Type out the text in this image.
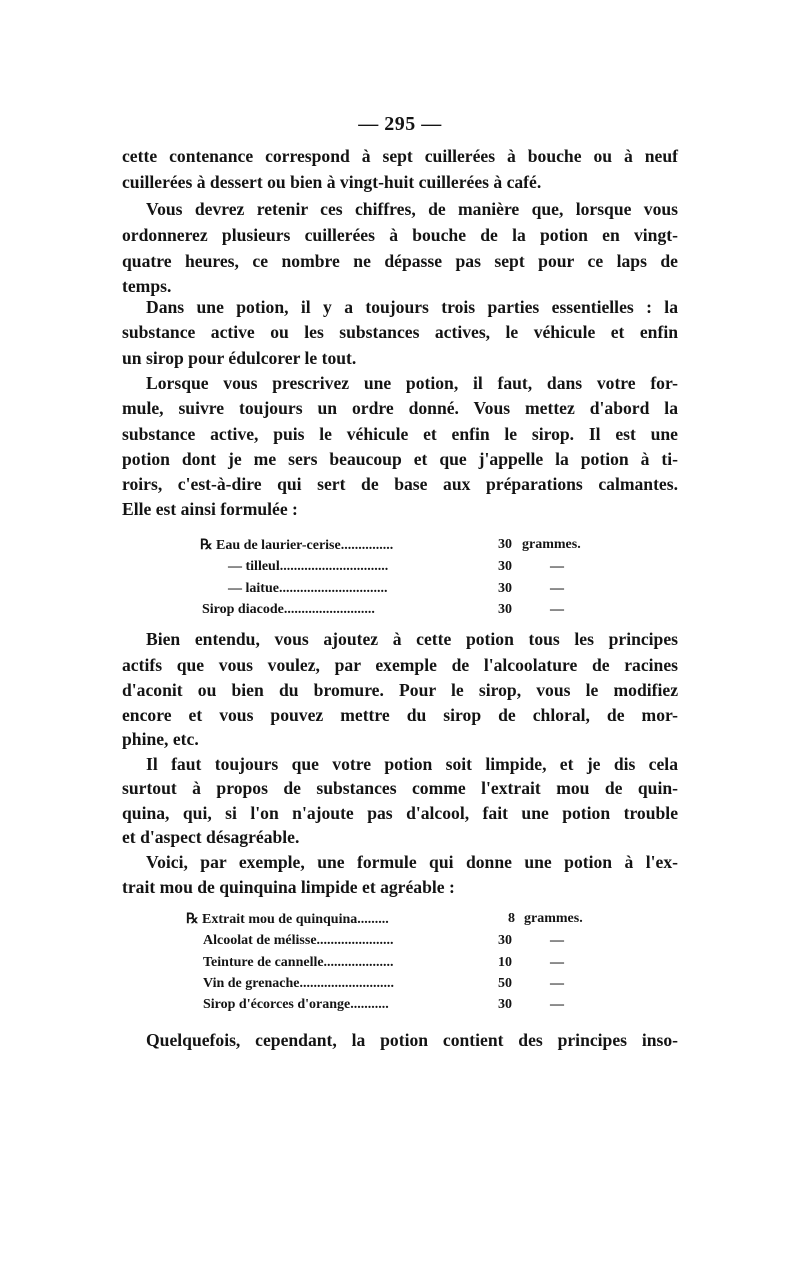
— 295 —
cette contenance correspond à sept cuillerées à bouche ou à neuf
cuillerées à dessert ou bien à vingt-huit cuillerées à café.
Vous devrez retenir ces chiffres, de manière que, lorsque vous
ordonnerez plusieurs cuillerées à bouche de la potion en vingt-
quatre heures, ce nombre ne dépasse pas sept pour ce laps de
temps.
Dans une potion, il y a toujours trois parties essentielles : la
substance active ou les substances actives, le véhicule et enfin
un sirop pour édulcorer le tout.
Lorsque vous prescrivez une potion, il faut, dans votre for-
mule, suivre toujours un ordre donné. Vous mettez d'abord la
substance active, puis le véhicule et enfin le sirop. Il est une
potion dont je me sers beaucoup et que j'appelle la potion à ti-
roirs, c'est-à-dire qui sert de base aux préparations calmantes.
Elle est ainsi formulée :
℞ Eau de laurier-cerise...............	30 grammes.
— tilleul...............................	30	—
— laitue...............................	30	—
Sirop diacode..........................	30	—
Bien entendu, vous ajoutez à cette potion tous les principes
actifs que vous voulez, par exemple de l'alcoolature de racines
d'aconit ou bien du bromure. Pour le sirop, vous le modifiez
encore et vous pouvez mettre du sirop de chloral, de mor-
phine, etc.
Il faut toujours que votre potion soit limpide, et je dis cela
surtout à propos de substances comme l'extrait mou de quin-
quina, qui, si l'on n'ajoute pas d'alcool, fait une potion trouble
et d'aspect désagréable.
Voici, par exemple, une formule qui donne une potion à l'ex-
trait mou de quinquina limpide et agréable :
℞ Extrait mou de quinquina.........	8 grammes.
Alcoolat de mélisse......................	30	—
Teinture de cannelle....................	10	—
Vin de grenache...........................	50	—
Sirop d'écorces d'orange...........	30	—
Quelquefois, cependant, la potion contient des principes inso-
